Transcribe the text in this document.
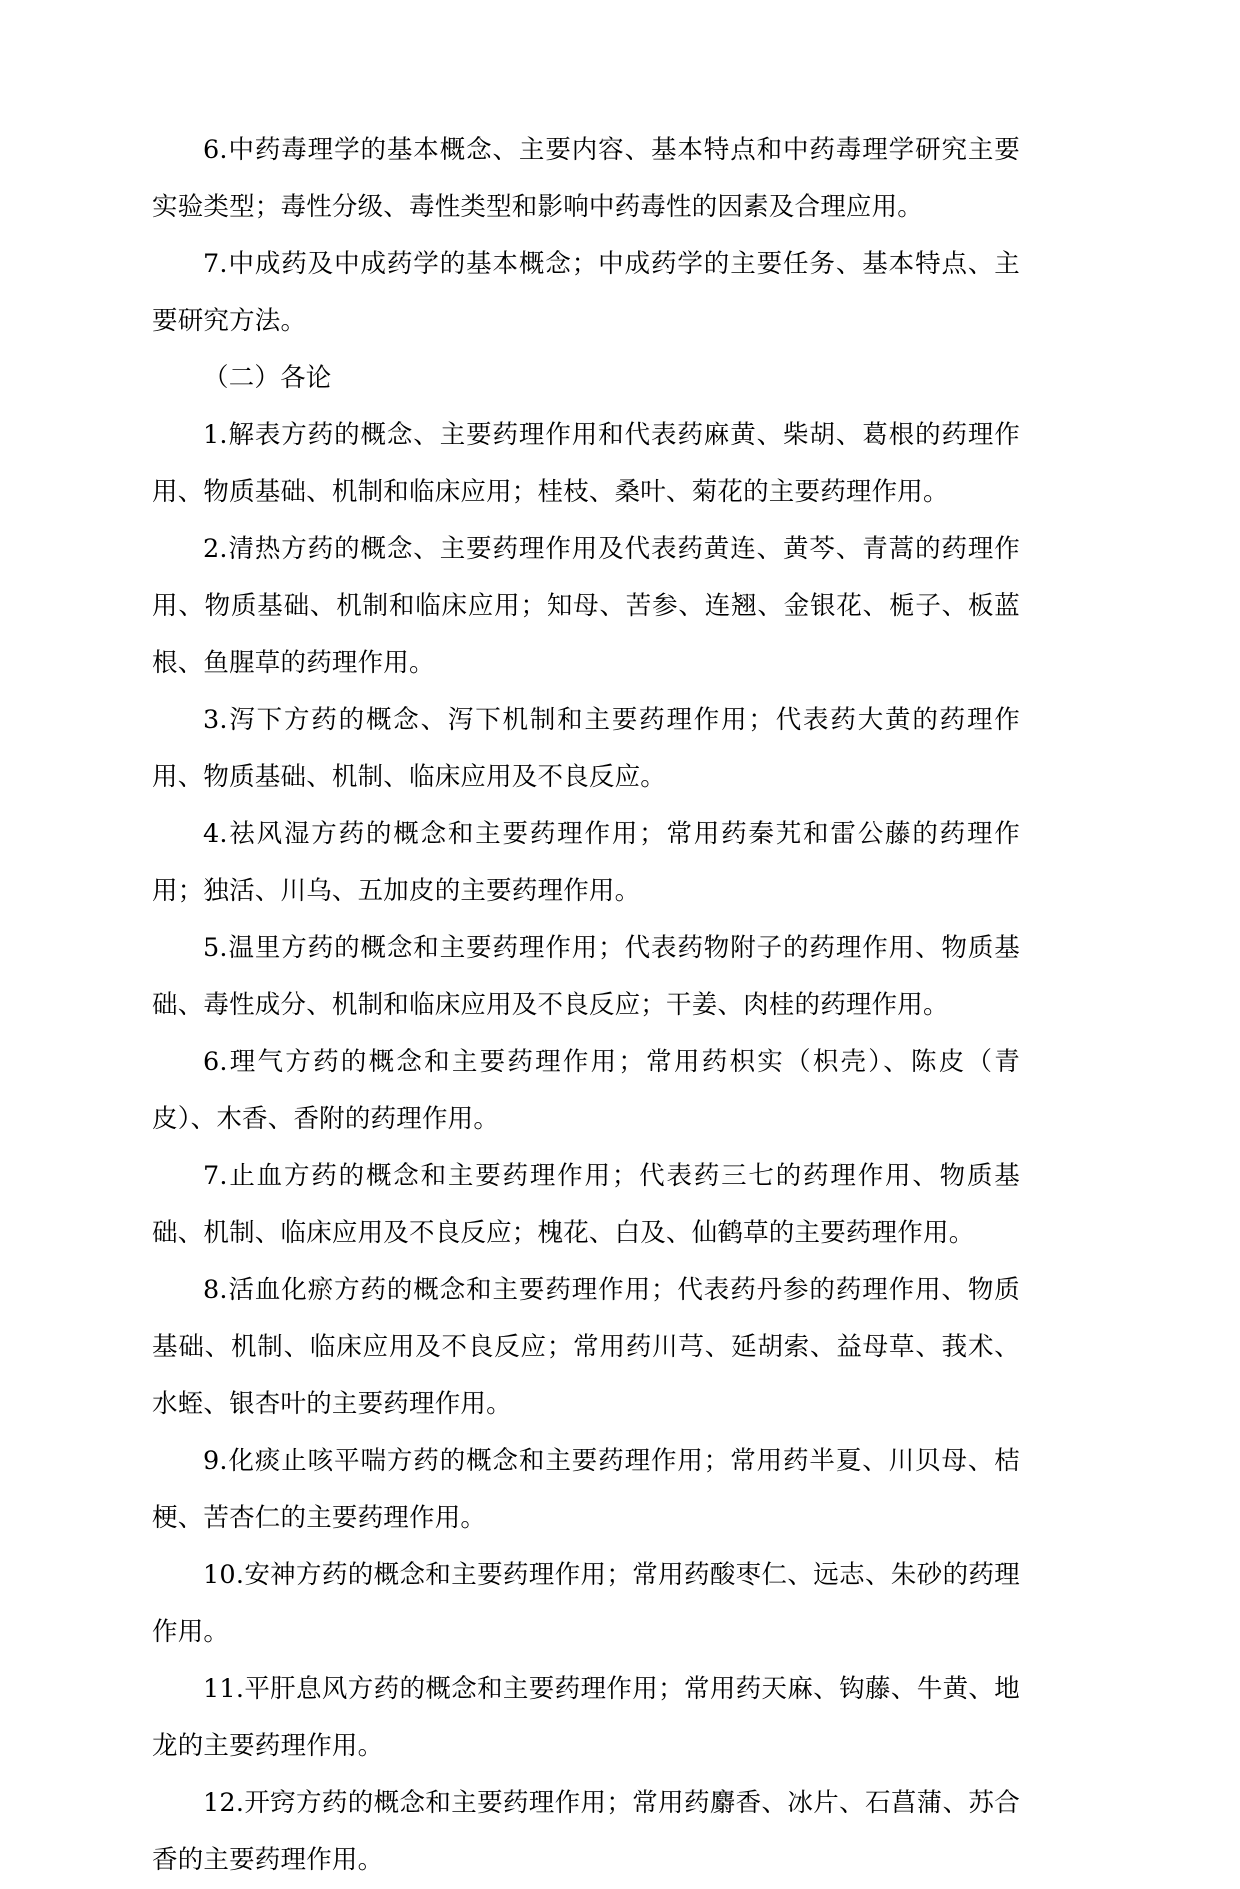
6.中药毒理学的基本概念、主要内容、基本特点和中药毒理学研究主要实验类型；毒性分级、毒性类型和影响中药毒性的因素及合理应用。

7.中成药及中成药学的基本概念；中成药学的主要任务、基本特点、主要研究方法。

（二）各论

1.解表方药的概念、主要药理作用和代表药麻黄、柴胡、葛根的药理作用、物质基础、机制和临床应用；桂枝、桑叶、菊花的主要药理作用。

2.清热方药的概念、主要药理作用及代表药黄连、黄芩、青蒿的药理作用、物质基础、机制和临床应用；知母、苦参、连翘、金银花、栀子、板蓝根、鱼腥草的药理作用。

3.泻下方药的概念、泻下机制和主要药理作用；代表药大黄的药理作用、物质基础、机制、临床应用及不良反应。

4.祛风湿方药的概念和主要药理作用；常用药秦艽和雷公藤的药理作用；独活、川乌、五加皮的主要药理作用。

5.温里方药的概念和主要药理作用；代表药物附子的药理作用、物质基础、毒性成分、机制和临床应用及不良反应；干姜、肉桂的药理作用。

6.理气方药的概念和主要药理作用；常用药枳实（枳壳）、陈皮（青皮）、木香、香附的药理作用。

7.止血方药的概念和主要药理作用；代表药三七的药理作用、物质基础、机制、临床应用及不良反应；槐花、白及、仙鹤草的主要药理作用。

8.活血化瘀方药的概念和主要药理作用；代表药丹参的药理作用、物质基础、机制、临床应用及不良反应；常用药川芎、延胡索、益母草、莪术、水蛭、银杏叶的主要药理作用。

9.化痰止咳平喘方药的概念和主要药理作用；常用药半夏、川贝母、桔梗、苦杏仁的主要药理作用。

10.安神方药的概念和主要药理作用；常用药酸枣仁、远志、朱砂的药理作用。

11.平肝息风方药的概念和主要药理作用；常用药天麻、钩藤、牛黄、地龙的主要药理作用。

12.开窍方药的概念和主要药理作用；常用药麝香、冰片、石菖蒲、苏合香的主要药理作用。
